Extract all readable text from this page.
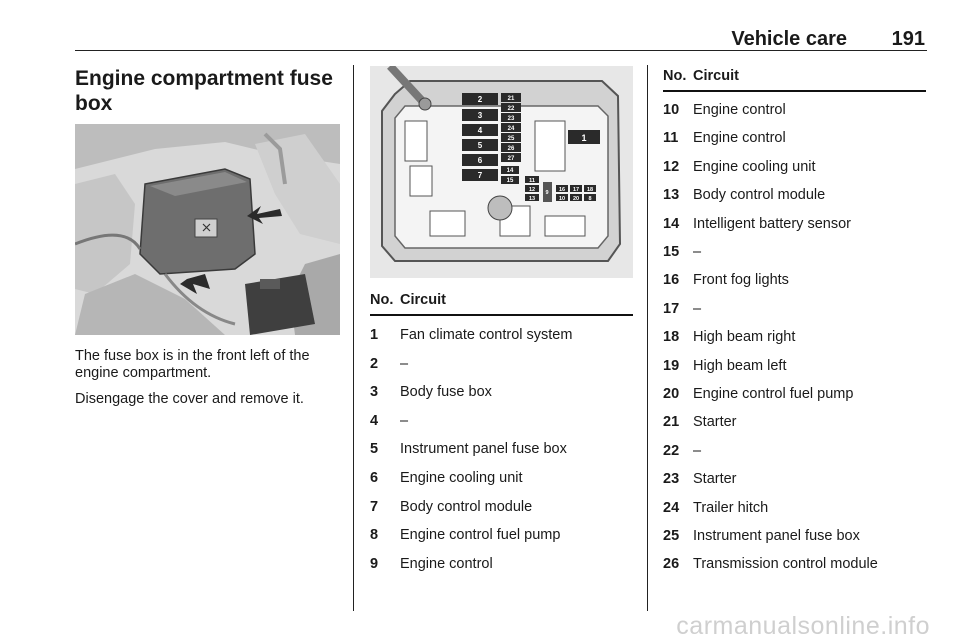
Vehicle care 191
Engine compartment fuse box
The fuse box is in the front left of the engine compartment.
Disengage the cover and remove it.
2
3
4
5
6
7
21
22
23
24
25
26
27
14
15	11
12
13
16 17 18
10 20 8
9
1
No. Circuit
1 Fan climate control system
2 –
3 Body fuse box
4 –
5 Instrument panel fuse box
6 Engine cooling unit
7 Body control module
8 Engine control fuel pump
9 Engine control
No. Circuit
10 Engine control
11 Engine control
12 Engine cooling unit
13 Body control module
14 Intelligent battery sensor
15 –
16 Front fog lights
17 –
18 High beam right
19 High beam left
20 Engine control fuel pump
21 Starter
22 –
23 Starter
24 Trailer hitch
25 Instrument panel fuse box
26 Transmission control module
carmanualsonline.info
